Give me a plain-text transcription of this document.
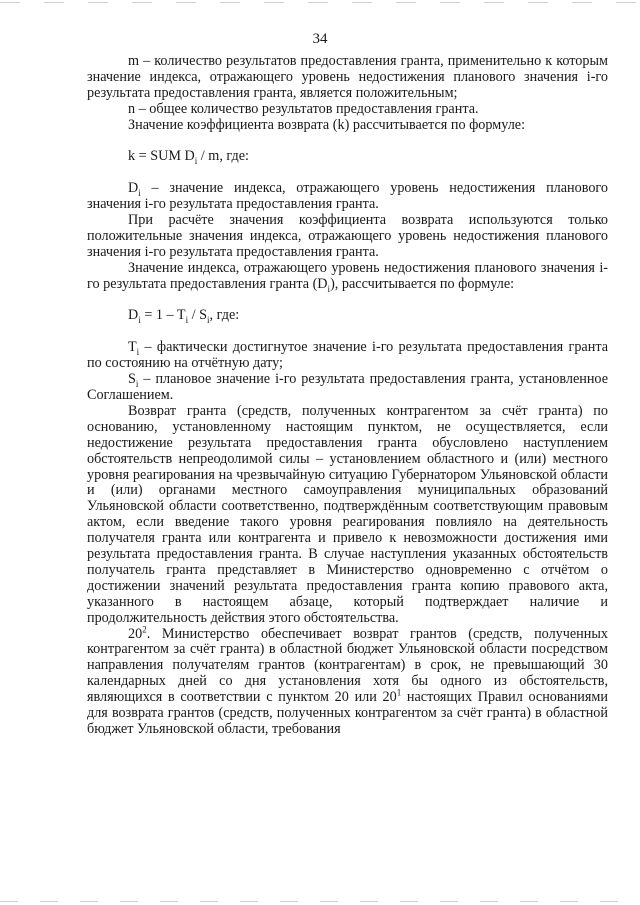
34

m – количество результатов предоставления гранта, применительно к которым значение индекса, отражающего уровень недостижения планового значения i-го результата предоставления гранта, является положительным;

n – общее количество результатов предоставления гранта.

Значение коэффициента возврата (k) рассчитывается по формуле:

k = SUM $D_i$ / m, где:

$D_i$ – значение индекса, отражающего уровень недостижения планового значения i-го результата предоставления гранта.

При расчёте значения коэффициента возврата используются только положительные значения индекса, отражающего уровень недостижения планового значения i-го результата предоставления гранта.

Значение индекса, отражающего уровень недостижения планового значения i-го результата предоставления гранта $(D_i)$, рассчитывается по формуле:

$D_i = 1 - T_i / S_i$, где:

$T_i$ – фактически достигнутое значение i-го результата предоставления гранта по состоянию на отчётную дату;

$S_i$ – плановое значение i-го результата предоставления гранта, установленное Соглашением.

Возврат гранта (средств, полученных контрагентом за счёт гранта) по основанию, установленному настоящим пунктом, не осуществляется, если недостижение результата предоставления гранта обусловлено наступлением обстоятельств непреодолимой силы – установлением областного и (или) местного уровня реагирования на чрезвычайную ситуацию Губернатором Ульяновской области и (или) органами местного самоуправления муниципальных образований Ульяновской области соответственно, подтверждённым соответствующим правовым актом, если введение такого уровня реагирования повлияло на деятельность получателя гранта или контрагента и привело к невозможности достижения ими результата предоставления гранта. В случае наступления указанных обстоятельств получатель гранта представляет в Министерство одновременно с отчётом о достижении значений результата предоставления гранта копию правового акта, указанного в настоящем абзаце, который подтверждает наличие и продолжительность действия этого обстоятельства.

$20^2$. Министерство обеспечивает возврат грантов (средств, полученных контрагентом за счёт гранта) в областной бюджет Ульяновской области посредством направления получателям грантов (контрагентам) в срок, не превышающий 30 календарных дней со дня установления хотя бы одного из обстоятельств, являющихся в соответствии с пунктом 20 или $20^1$ настоящих Правил основаниями для возврата грантов (средств, полученных контрагентом за счёт гранта) в областной бюджет Ульяновской области, требования
